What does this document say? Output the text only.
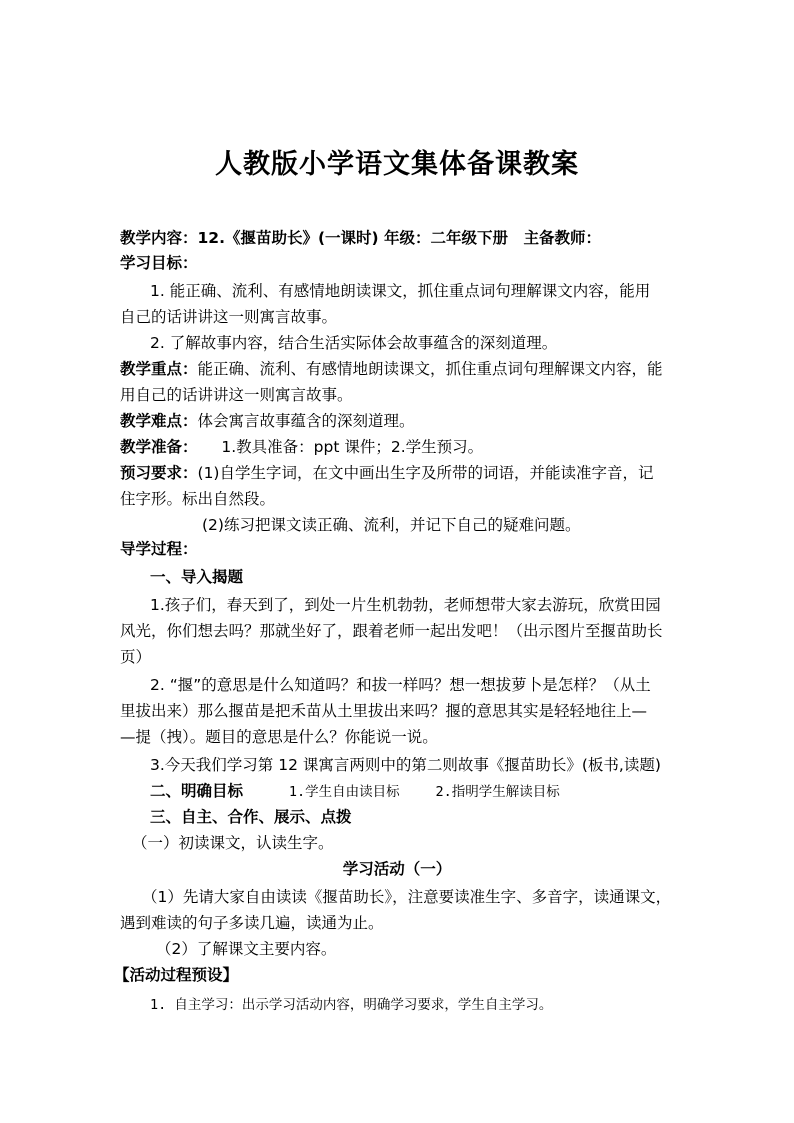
人教版小学语文集体备课教案
教学内容：12.《揠苗助长》(一课时) 年级：二年级下册　主备教师：
学习目标：
1. 能正确、流利、有感情地朗读课文，抓住重点词句理解课文内容，能用
自己的话讲讲这一则寓言故事。
2. 了解故事内容，结合生活实际体会故事蕴含的深刻道理。
教学重点：能正确、流利、有感情地朗读课文，抓住重点词句理解课文内容，能
用自己的话讲讲这一则寓言故事。
教学难点：体会寓言故事蕴含的深刻道理。
教学准备： 1.教具准备：ppt 课件；2.学生预习。
预习要求：(1)自学生字词，在文中画出生字及所带的词语，并能读准字音，记
住字形。标出自然段。
(2)练习把课文读正确、流利，并记下自己的疑难问题。
导学过程：
一、导入揭题
1.孩子们，春天到了，到处一片生机勃勃，老师想带大家去游玩，欣赏田园
风光，你们想去吗？那就坐好了，跟着老师一起出发吧！（出示图片至揠苗助长
页）
2. “揠”的意思是什么知道吗？和拔一样吗？想一想拔萝卜是怎样？（从土
里拔出来）那么揠苗是把禾苗从土里拔出来吗？揠的意思其实是轻轻地往上—
—提（拽）。题目的意思是什么？你能说一说。
3.今天我们学习第 12 课寓言两则中的第二则故事《揠苗助长》(板书,读题)
二、明确目标	1.学生自由读目标	2.指明学生解读目标
三、自主、合作、展示、点拨
（一）初读课文，认读生字。
学习活动（一）
（1）先请大家自由读读《揠苗助长》，注意要读准生字、多音字，读通课文，
遇到难读的句子多读几遍，读通为止。
（2）了解课文主要内容。
【活动过程预设】
1. 自主学习：出示学习活动内容，明确学习要求，学生自主学习。
